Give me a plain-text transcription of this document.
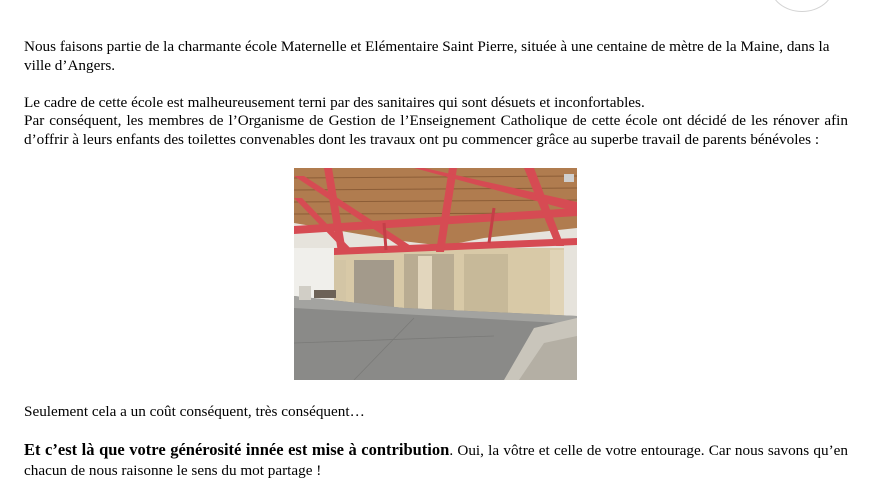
Nous faisons partie de la charmante école Maternelle et Elémentaire Saint Pierre, située à une centaine de mètre de la Maine, dans la ville d’Angers.

Le cadre de cette école est malheureusement terni par des sanitaires qui sont désuets et inconfortables.

Par conséquent, les membres de l’Organisme de Gestion de l’Enseignement Catholique de cette école ont décidé de les rénover afin d’offrir à leurs enfants des toilettes convenables dont les travaux ont pu commencer grâce au superbe travail de parents bénévoles :

Seulement cela a un coût conséquent, très conséquent…

Et c’est là que votre générosité innée est mise à contribution. Oui, la vôtre et celle de votre entourage. Car nous savons qu’en chacun de nous raisonne le sens du mot partage !
